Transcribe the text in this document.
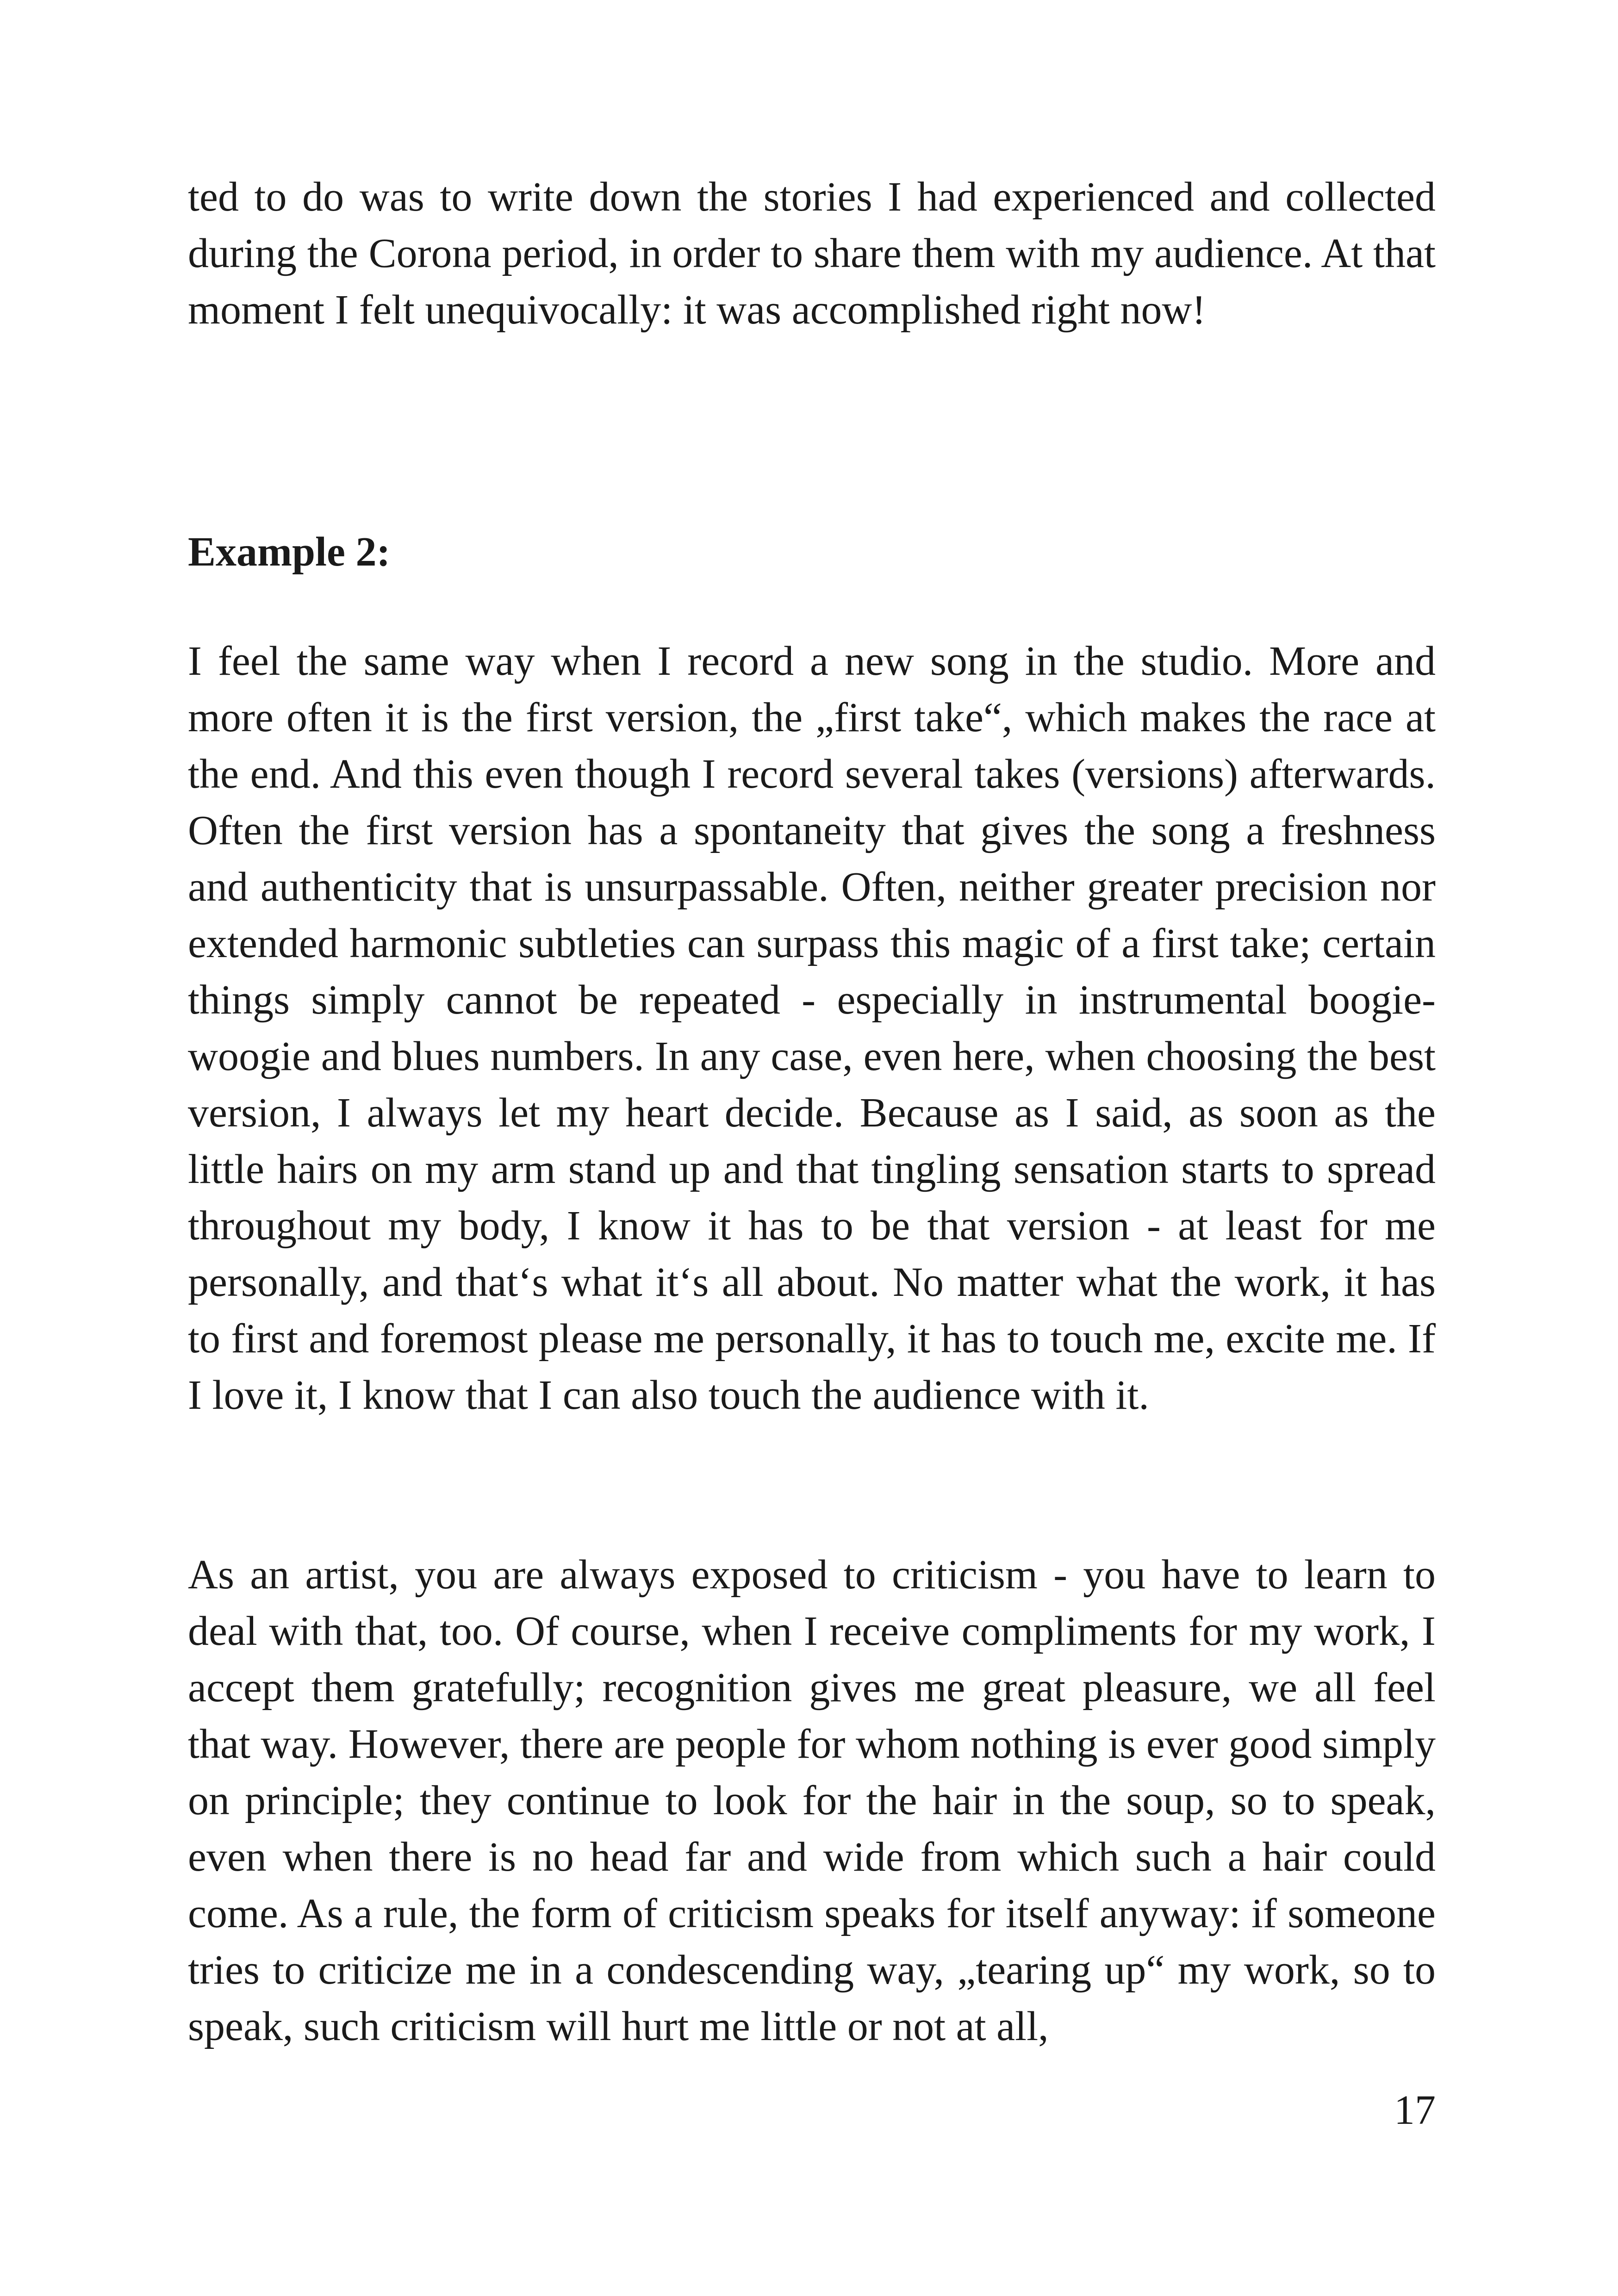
ted to do was to write down the stories I had experienced and collected during the Corona period, in order to share them with my audience. At that moment I felt unequivocally: it was accomplished right now!

Example 2:

I feel the same way when I record a new song in the studio. More and more often it is the first version, the „first take“, which makes the race at the end. And this even though I record several takes (versions) afterwards. Often the first version has a spontaneity that gives the song a freshness and authenticity that is unsurpassable. Often, neither greater precision nor extended harmonic subtleties can surpass this magic of a first take; certain things simply cannot be repeated - especially in instrumental boogie-woogie and blues numbers. In any case, even here, when choosing the best version, I always let my heart decide. Because as I said, as soon as the little hairs on my arm stand up and that tingling sensation starts to spread throughout my body, I know it has to be that version - at least for me personally, and that‘s what it‘s all about. No matter what the work, it has to first and foremost please me personally, it has to touch me, excite me. If I love it, I know that I can also touch the audience with it.

As an artist, you are always exposed to criticism - you have to learn to deal with that, too. Of course, when I receive compliments for my work, I accept them gratefully; recognition gives me great pleasure, we all feel that way. However, there are people for whom nothing is ever good simply on principle; they continue to look for the hair in the soup, so to speak, even when there is no head far and wide from which such a hair could come. As a rule, the form of criticism speaks for itself anyway: if someone tries to criticize me in a condescending way, „tearing up“ my work, so to speak, such criticism will hurt me little or not at all,

17
